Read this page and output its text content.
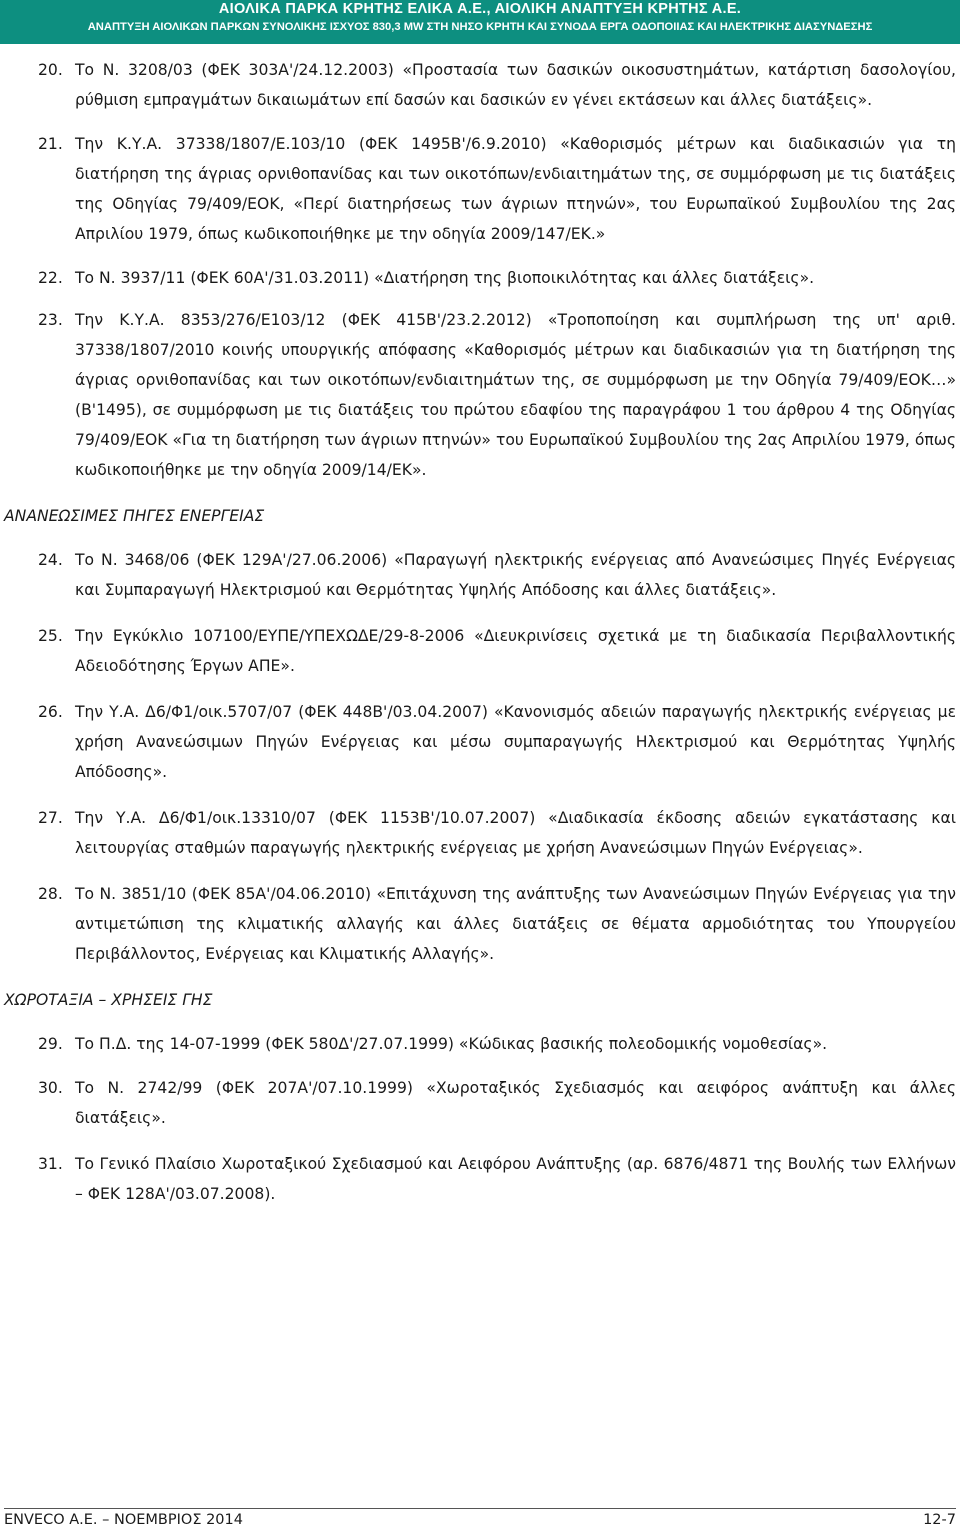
ΑΙΟΛΙΚΑ ΠΑΡΚΑ ΚΡΗΤΗΣ ΕΛΙΚΑ Α.Ε., ΑΙΟΛΙΚΗ ΑΝΑΠΤΥΞΗ ΚΡΗΤΗΣ Α.Ε.
ΑΝΑΠΤΥΞΗ ΑΙΟΛΙΚΩΝ ΠΑΡΚΩΝ ΣΥΝΟΛΙΚΗΣ ΙΣΧΥΟΣ 830,3 MW ΣΤΗ ΝΗΣΟ ΚΡΗΤΗ ΚΑΙ ΣΥΝΟΔΑ ΕΡΓΑ ΟΔΟΠΟΙΙΑΣ ΚΑΙ ΗΛΕΚΤΡΙΚΗΣ ΔΙΑΣΥΝΔΕΣΗΣ
20. Το Ν. 3208/03 (ΦΕΚ 303Α'/24.12.2003) «Προστασία των δασικών οικοσυστημάτων, κατάρτιση δασολογίου, ρύθμιση εμπραγμάτων δικαιωμάτων επί δασών και δασικών εν γένει εκτάσεων και άλλες διατάξεις».
21. Την Κ.Υ.Α. 37338/1807/Ε.103/10 (ΦΕΚ 1495Β'/6.9.2010) «Καθορισμός μέτρων και διαδικασιών για τη διατήρηση της άγριας ορνιθοπανίδας και των οικοτόπων/ενδιαιτημάτων της, σε συμμόρφωση με τις διατάξεις της Οδηγίας 79/409/ΕΟΚ, «Περί διατηρήσεως των άγριων πτηνών», του Ευρωπαϊκού Συμβουλίου της 2ας Απριλίου 1979, όπως κωδικοποιήθηκε με την οδηγία 2009/147/ΕΚ.»
22. Το Ν. 3937/11 (ΦΕΚ 60Α'/31.03.2011) «Διατήρηση της βιοποικιλότητας και άλλες διατάξεις».
23. Την Κ.Υ.Α. 8353/276/Ε103/12 (ΦΕΚ 415Β'/23.2.2012) «Τροποποίηση και συμπλήρωση της υπ' αριθ. 37338/1807/2010 κοινής υπουργικής απόφασης «Καθορισμός μέτρων και διαδικασιών για τη διατήρηση της άγριας ορνιθοπανίδας και των οικοτόπων/ενδιαιτημάτων της, σε συμμόρφωση με την Οδηγία 79/409/ΕΟΚ…» (Β'1495), σε συμμόρφωση με τις διατάξεις του πρώτου εδαφίου της παραγράφου 1 του άρθρου 4 της Οδηγίας 79/409/ΕΟΚ «Για τη διατήρηση των άγριων πτηνών» του Ευρωπαϊκού Συμβουλίου της 2ας Απριλίου 1979, όπως κωδικοποιήθηκε με την οδηγία 2009/14/ΕΚ».
ΑΝΑΝΕΩΣΙΜΕΣ ΠΗΓΕΣ ΕΝΕΡΓΕΙΑΣ
24. Το Ν. 3468/06 (ΦΕΚ 129Α'/27.06.2006) «Παραγωγή ηλεκτρικής ενέργειας από Ανανεώσιμες Πηγές Ενέργειας και Συμπαραγωγή Ηλεκτρισμού και Θερμότητας Υψηλής Απόδοσης και άλλες διατάξεις».
25. Την Εγκύκλιο 107100/ΕΥΠΕ/ΥΠΕΧΩΔΕ/29-8-2006 «Διευκρινίσεις σχετικά με τη διαδικασία Περιβαλλοντικής Αδειοδότησης Έργων ΑΠΕ».
26. Την Υ.Α. Δ6/Φ1/οικ.5707/07 (ΦΕΚ 448Β'/03.04.2007) «Κανονισμός αδειών παραγωγής ηλεκτρικής ενέργειας με χρήση Ανανεώσιμων Πηγών Ενέργειας και μέσω συμπαραγωγής Ηλεκτρισμού και Θερμότητας Υψηλής Απόδοσης».
27. Την Υ.Α. Δ6/Φ1/οικ.13310/07 (ΦΕΚ 1153Β'/10.07.2007) «Διαδικασία έκδοσης αδειών εγκατάστασης και λειτουργίας σταθμών παραγωγής ηλεκτρικής ενέργειας με χρήση Ανανεώσιμων Πηγών Ενέργειας».
28. Το Ν. 3851/10 (ΦΕΚ 85Α'/04.06.2010) «Επιτάχυνση της ανάπτυξης των Ανανεώσιμων Πηγών Ενέργειας για την αντιμετώπιση της κλιματικής αλλαγής και άλλες διατάξεις σε θέματα αρμοδιότητας του Υπουργείου Περιβάλλοντος, Ενέργειας και Κλιματικής Αλλαγής».
ΧΩΡΟΤΑΞΙΑ – ΧΡΗΣΕΙΣ ΓΗΣ
29. Το Π.Δ. της 14-07-1999 (ΦΕΚ 580Δ'/27.07.1999) «Κώδικας βασικής πολεοδομικής νομοθεσίας».
30. Το Ν. 2742/99 (ΦΕΚ 207Α'/07.10.1999) «Χωροταξικός Σχεδιασμός και αειφόρος ανάπτυξη και άλλες διατάξεις».
31. Το Γενικό Πλαίσιο Χωροταξικού Σχεδιασμού και Αειφόρου Ανάπτυξης (αρ. 6876/4871 της Βουλής των Ελλήνων – ΦΕΚ 128Α'/03.07.2008).
ENVECO Α.Ε. – ΝΟΕΜΒΡΙΟΣ 2014	12-7
